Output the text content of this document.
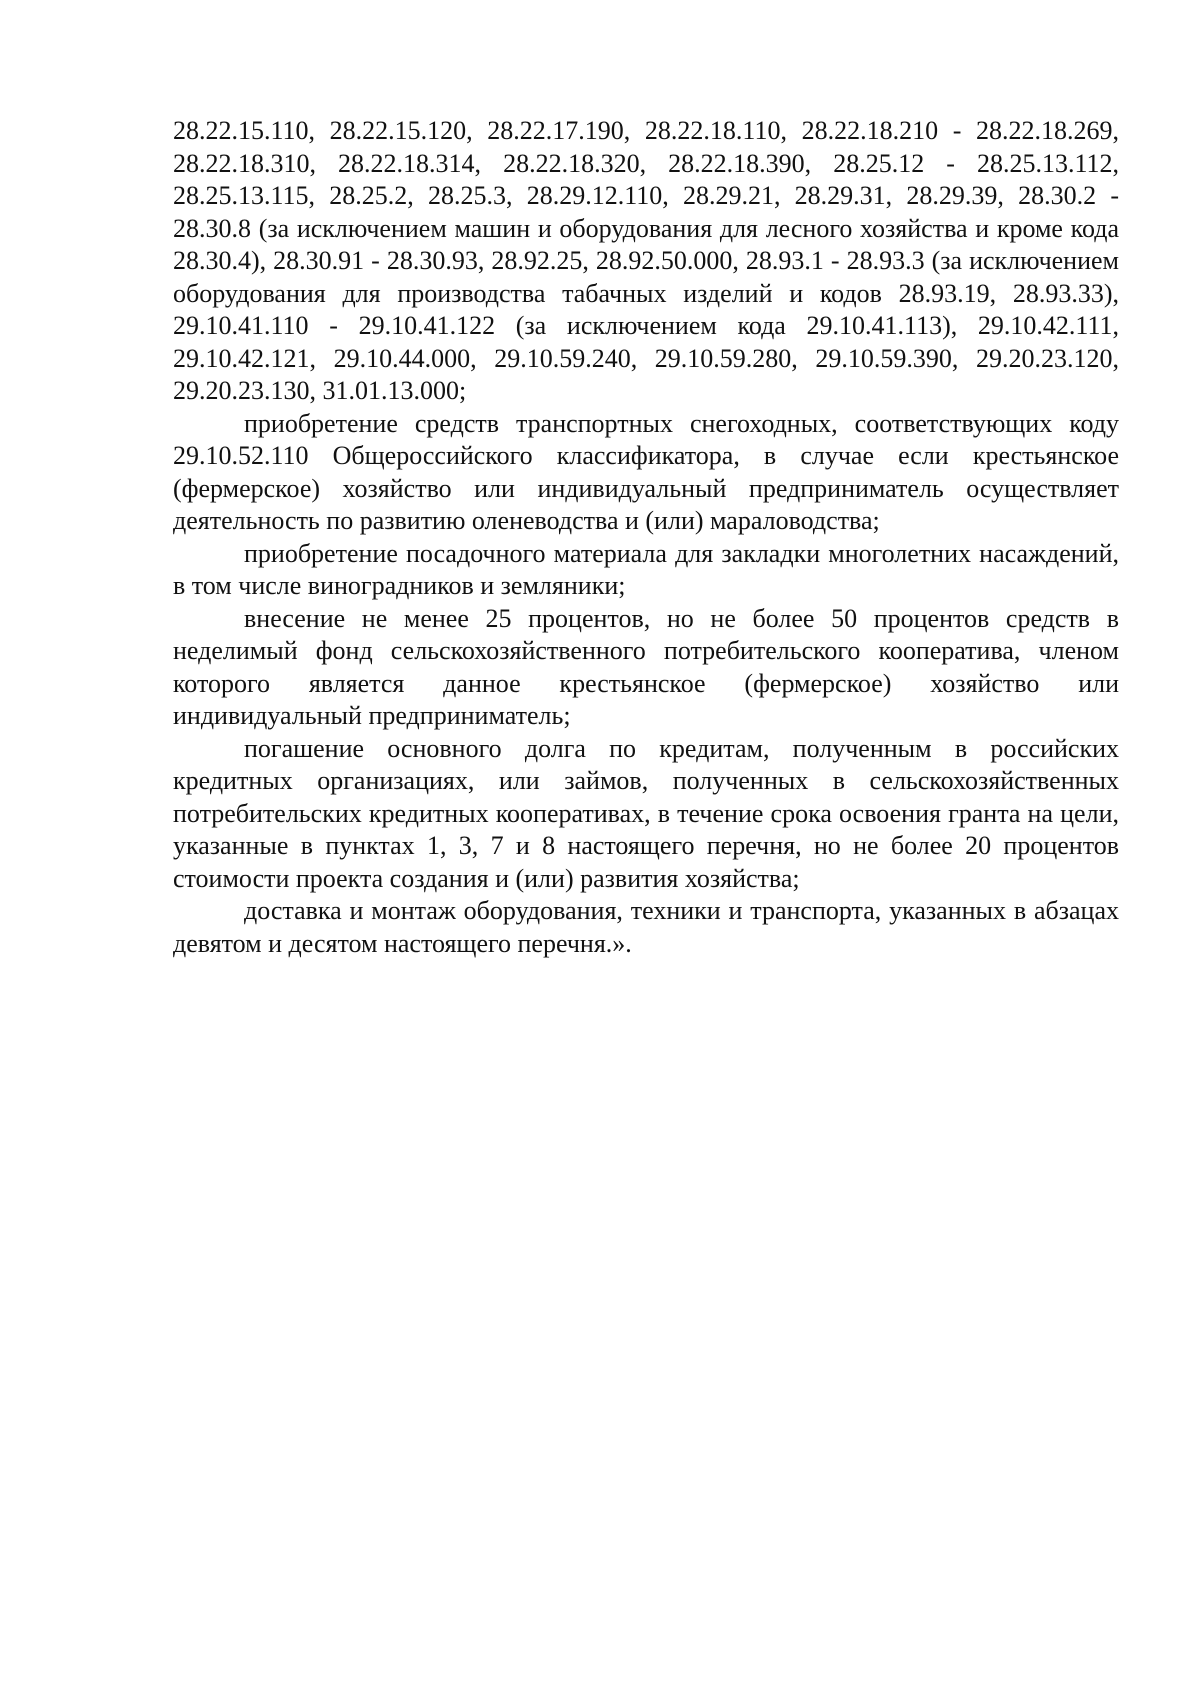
28.22.15.110, 28.22.15.120, 28.22.17.190, 28.22.18.110, 28.22.18.210 - 28.22.18.269, 28.22.18.310, 28.22.18.314, 28.22.18.320, 28.22.18.390, 28.25.12 - 28.25.13.112, 28.25.13.115, 28.25.2, 28.25.3, 28.29.12.110, 28.29.21, 28.29.31, 28.29.39, 28.30.2 - 28.30.8 (за исключением машин и оборудования для лесного хозяйства и кроме кода 28.30.4), 28.30.91 - 28.30.93, 28.92.25, 28.92.50.000, 28.93.1 - 28.93.3 (за исключением оборудования для производства табачных изделий и кодов 28.93.19, 28.93.33), 29.10.41.110 - 29.10.41.122 (за исключением кода 29.10.41.113), 29.10.42.111, 29.10.42.121, 29.10.44.000, 29.10.59.240, 29.10.59.280, 29.10.59.390, 29.20.23.120, 29.20.23.130, 31.01.13.000;

приобретение средств транспортных снегоходных, соответствующих коду 29.10.52.110 Общероссийского классификатора, в случае если крестьянское (фермерское) хозяйство или индивидуальный предприниматель осуществляет деятельность по развитию оленеводства и (или) мараловодства;

приобретение посадочного материала для закладки многолетних насаждений, в том числе виноградников и земляники;

внесение не менее 25 процентов, но не более 50 процентов средств в неделимый фонд сельскохозяйственного потребительского кооператива, членом которого является данное крестьянское (фермерское) хозяйство или индивидуальный предприниматель;

погашение основного долга по кредитам, полученным в российских кредитных организациях, или займов, полученных в сельскохозяйственных потребительских кредитных кооперативах, в течение срока освоения гранта на цели, указанные в пунктах 1, 3, 7 и 8 настоящего перечня, но не более 20 процентов стоимости проекта создания и (или) развития хозяйства;

доставка и монтаж оборудования, техники и транспорта, указанных в абзацах девятом и десятом настоящего перечня.».
